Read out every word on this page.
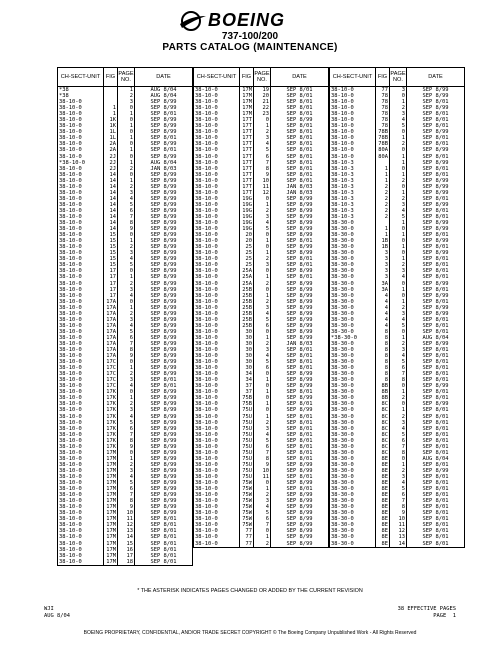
BOEING
737-100/200
PARTS CATALOG (MAINTENANCE)
CH-SECT-UNIT	FIG	PAGE NO.	DATE
*38		1	AUG 8/04
*38		2	AUG 8/04
38-10-0		3	SEP 8/99
38-10-0	1	0	SEP 8/99
38-10-0	1	1	SEP 8/01
38-10-0	1K	0	SEP 8/99
38-10-0	1K	1	SEP 8/99
38-10-0	1L	0	SEP 8/99
38-10-0	1L	1	SEP 8/01
38-10-0	2A	0	SEP 8/99
38-10-0	2A	1	SEP 8/01
38-10-0	2J	0	SEP 8/99
*38-10-0	2J	1	AUG 8/04
38-10-0	2J	2	JAN 8/03
38-10-0	14	0	SEP 8/99
38-10-0	14	1	SEP 8/99
38-10-0	14	2	SEP 8/99
38-10-0	14	3	SEP 8/99
38-10-0	14	4	SEP 8/99
38-10-0	14	5	SEP 8/99
38-10-0	14	6	SEP 8/99
38-10-0	14	7	SEP 8/99
38-10-0	14	8	SEP 8/99
38-10-0	14	9	SEP 8/99
38-10-0	15	0	SEP 8/99
38-10-0	15	1	SEP 8/99
38-10-0	15	2	SEP 8/99
38-10-0	15	3	SEP 8/99
38-10-0	15	4	SEP 8/99
38-10-0	15	5	SEP 8/99
38-10-0	17	0	SEP 8/99
38-10-0	17	1	SEP 8/99
38-10-0	17	2	SEP 8/99
38-10-0	17	3	SEP 8/99
38-10-0	17	4	SEP 8/99
38-10-0	17A	0	SEP 8/99
38-10-0	17A	1	SEP 8/99
38-10-0	17A	2	SEP 8/99
38-10-0	17A	3	SEP 8/99
38-10-0	17A	4	SEP 8/99
38-10-0	17A	5	SEP 8/99
38-10-0	17A	6	SEP 8/99
38-10-0	17A	7	SEP 8/99
38-10-0	17A	8	SEP 8/99
38-10-0	17A	9	SEP 8/99
38-10-0	17C	0	SEP 8/99
38-10-0	17C	1	SEP 8/99
38-10-0	17C	2	SEP 8/99
38-10-0	17C	3	SEP 8/01
38-10-0	17C	4	SEP 8/01
38-10-0	17K	0	SEP 8/99
38-10-0	17K	1	SEP 8/99
38-10-0	17K	2	SEP 8/99
38-10-0	17K	3	SEP 8/99
38-10-0	17K	4	SEP 8/99
38-10-0	17K	5	SEP 8/99
38-10-0	17K	6	SEP 8/99
38-10-0	17K	7	SEP 8/99
38-10-0	17K	8	SEP 8/99
38-10-0	17K	9	SEP 8/99
38-10-0	17M	0	SEP 8/99
38-10-0	17M	1	SEP 8/99
38-10-0	17M	2	SEP 8/99
38-10-0	17M	3	SEP 8/99
38-10-0	17M	4	SEP 8/99
38-10-0	17M	5	SEP 8/99
38-10-0	17M	6	SEP 8/99
38-10-0	17M	7	SEP 8/99
38-10-0	17M	8	SEP 8/99
38-10-0	17M	9	SEP 8/99
38-10-0	17M	10	SEP 8/99
38-10-0	17M	11	SEP 8/01
38-10-0	17M	12	SEP 8/01
38-10-0	17M	13	SEP 8/01
38-10-0	17M	14	SEP 8/01
38-10-0	17M	15	SEP 8/01
38-10-0	17M	16	SEP 8/01
38-10-0	17M	17	SEP 8/01
38-10-0	17M	18	SEP 8/01
CH-SECT-UNIT	FIG	PAGE NO.	DATE
38-10-0	17M	19	SEP 8/01
38-10-0	17M	20	SEP 8/01
38-10-0	17M	21	SEP 8/01
38-10-0	17M	22	SEP 8/01
38-10-0	17M	23	SEP 8/01
38-10-0	17T	0	SEP 8/99
38-10-0	17T	1	SEP 8/01
38-10-0	17T	2	SEP 8/01
38-10-0	17T	3	SEP 8/01
38-10-0	17T	4	SEP 8/01
38-10-0	17T	5	SEP 8/01
38-10-0	17T	6	SEP 8/01
38-10-0	17T	7	SEP 8/01
38-10-0	17T	8	SEP 8/01
38-10-0	17T	9	SEP 8/01
38-10-0	17T	10	SEP 8/01
38-10-0	17T	11	JAN 8/03
38-10-0	17T	12	JAN 8/03
38-10-0	19G	0	SEP 8/99
38-10-0	19G	1	SEP 8/99
38-10-0	19G	2	SEP 8/99
38-10-0	19G	3	SEP 8/99
38-10-0	19G	4	SEP 8/99
38-10-0	19G	5	SEP 8/99
38-10-0	20	0	SEP 8/99
38-10-0	20	1	SEP 8/01
38-10-0	25	0	SEP 8/99
38-10-0	25	1	SEP 8/99
38-10-0	25	2	SEP 8/01
38-10-0	25	3	SEP 8/01
38-10-0	25A	0	SEP 8/99
38-10-0	25A	1	SEP 8/01
38-10-0	25A	2	SEP 8/99
38-10-0	25B	0	SEP 8/99
38-10-0	25B	1	SEP 8/99
38-10-0	25B	2	SEP 8/99
38-10-0	25B	3	SEP 8/99
38-10-0	25B	4	SEP 8/99
38-10-0	25B	5	SEP 8/99
38-10-0	25B	6	SEP 8/99
38-10-0	30	0	SEP 8/99
38-10-0	30	1	SEP 8/99
38-10-0	30	2	JAN 8/03
38-10-0	30	3	SEP 8/01
38-10-0	30	4	SEP 8/01
38-10-0	30	5	SEP 8/01
38-10-0	30	6	SEP 8/01
38-10-0	34	0	SEP 8/99
38-10-0	34	1	SEP 8/99
38-10-0	37	0	SEP 8/99
38-10-0	37	1	SEP 8/01
38-10-0	75B	0	SEP 8/99
38-10-0	75B	1	SEP 8/01
38-10-0	75U	0	SEP 8/99
38-10-0	75U	1	SEP 8/01
38-10-0	75U	2	SEP 8/01
38-10-0	75U	3	SEP 8/01
38-10-0	75U	4	SEP 8/01
38-10-0	75U	5	SEP 8/01
38-10-0	75U	6	SEP 8/01
38-10-0	75U	7	SEP 8/01
38-10-0	75U	8	SEP 8/01
38-10-0	75U	9	SEP 8/99
38-10-0	75U	10	SEP 8/99
38-10-0	75U	11	SEP 8/01
38-10-0	75W	0	SEP 8/99
38-10-0	75W	1	SEP 8/01
38-10-0	75W	2	SEP 8/99
38-10-0	75W	3	SEP 8/99
38-10-0	75W	4	SEP 8/99
38-10-0	75W	5	SEP 8/99
38-10-0	75W	6	SEP 8/99
38-10-0	75W	7	SEP 8/99
38-10-0	77	0	SEP 8/99
38-10-0	77	1	SEP 8/99
38-10-0	77	2	SEP 8/99
CH-SECT-UNIT	FIG	PAGE NO.	DATE
38-10-0	77	3	SEP 8/99
38-10-0	78	0	SEP 8/99
38-10-0	78	1	SEP 8/01
38-10-0	78	2	SEP 8/99
38-10-0	78	3	SEP 8/01
38-10-0	78	4	SEP 8/01
38-10-0	78	5	SEP 8/01
38-10-0	78B	0	SEP 8/99
38-10-0	78B	1	SEP 8/01
38-10-0	78B	2	SEP 8/01
38-10-0	80A	0	SEP 8/99
38-10-0	80A	1	SEP 8/01
38-10-3		1	SEP 8/99
38-10-3	1	0	SEP 8/01
38-10-3	1	1	SEP 8/01
38-10-3	1	2	SEP 8/99
38-10-3	2	0	SEP 8/99
38-10-3	2	1	SEP 8/99
38-10-3	2	2	SEP 8/01
38-10-3	2	3	SEP 8/99
38-10-3	2	4	SEP 8/01
38-10-3	2	5	SEP 8/01
38-30-0		1	SEP 8/99
38-30-0	1	0	SEP 8/99
38-30-0	1	1	SEP 8/01
38-30-0	1B	0	SEP 8/99
38-30-0	1B	1	SEP 8/01
38-30-0	3	0	SEP 8/99
38-30-0	3	1	SEP 8/01
38-30-0	3	2	SEP 8/01
38-30-0	3	3	SEP 8/01
38-30-0	3	4	SEP 8/01
38-30-0	3A	0	SEP 8/99
38-30-0	3A	1	SEP 8/01
38-30-0	4	0	SEP 8/99
38-30-0	4	1	SEP 8/01
38-30-0	4	2	SEP 8/99
38-30-0	4	3	SEP 8/99
38-30-0	4	4	SEP 8/01
38-30-0	4	5	SEP 8/01
38-30-0	8	0	SEP 8/01
*38-30-0	8	1	AUG 8/04
38-30-0	8	2	SEP 8/99
38-30-0	8	3	SEP 8/01
38-30-0	8	4	SEP 8/01
38-30-0	8	5	SEP 8/01
38-30-0	8	6	SEP 8/01
38-30-0	8	7	SEP 8/01
38-30-0	8	8	SEP 8/01
38-30-0	8B	0	SEP 8/99
38-30-0	8B	1	SEP 8/01
38-30-0	8B	2	SEP 8/01
38-30-0	8C	0	SEP 8/99
38-30-0	8C	1	SEP 8/01
38-30-0	8C	2	SEP 8/01
38-30-0	8C	3	SEP 8/01
38-30-0	8C	4	SEP 8/01
38-30-0	8C	5	SEP 8/01
38-30-0	8C	6	SEP 8/01
38-30-0	8C	7	SEP 8/01
38-30-0	8C	8	SEP 8/01
38-30-0	8E	0	AUG 8/04
38-30-0	8E	1	SEP 8/01
38-30-0	8E	2	SEP 8/99
38-30-0	8E	3	SEP 8/01
38-30-0	8E	4	SEP 8/01
38-30-0	8E	5	SEP 8/01
38-30-0	8E	6	SEP 8/01
38-30-0	8E	7	SEP 8/01
38-30-0	8E	8	SEP 8/01
38-30-0	8E	9	SEP 8/01
38-30-0	8E	10	SEP 8/01
38-30-0	8E	11	SEP 8/01
38-30-0	8E	12	SEP 8/01
38-30-0	8E	13	SEP 8/01
38-30-0	8E	14	SEP 8/01
* THE ASTERISK INDICATES PAGES CHANGED OR ADDED BY THE CURRENT REVISION
WJI
AUG 8/04
38 EFFECTIVE PAGES
PAGE  1
BOEING PROPRIETARY, CONFIDENTIAL, AND/OR TRADE SECRET COPYRIGHT © The Boeing Company Unpublished Work - All Rights Reserved
